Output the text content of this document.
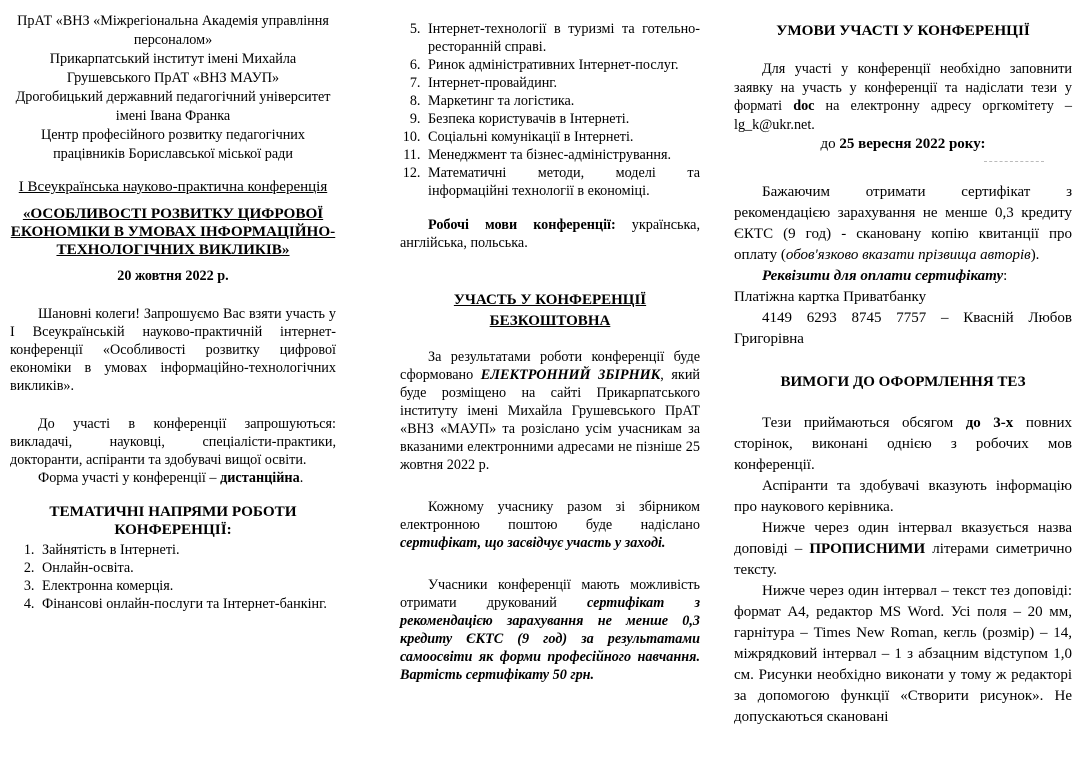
ПрАТ «ВНЗ «Міжрегіональна Академія управління персоналом»
Прикарпатський інститут імені Михайла Грушевського ПрАТ «ВНЗ МАУП»
Дрогобицький державний педагогічний університет імені Івана Франка
Центр професійного розвитку педагогічних працівників Бориславської міської ради
І Всеукраїнська науково-практична конференція
«ОСОБЛИВОСТІ РОЗВИТКУ ЦИФРОВОЇ ЕКОНОМІКИ В УМОВАХ ІНФОРМАЦІЙНО-ТЕХНОЛОГІЧНИХ ВИКЛИКІВ»
20 жовтня 2022 р.
Шановні колеги! Запрошуємо Вас взяти участь у І Всеукраїнській науково-практичній інтернет-конференції «Особливості розвитку цифрової економіки в умовах інформаційно-технологічних викликів».
До участі в конференції запрошуються: викладачі, науковці, спеціалісти-практики, докторанти, аспіранти та здобувачі вищої освіти.
Форма участі у конференції – дистанційна.
ТЕМАТИЧНІ НАПРЯМИ РОБОТИ КОНФЕРЕНЦІЇ:
1. Зайнятість в Інтернеті.
2. Онлайн-освіта.
3. Електронна комерція.
4. Фінансові онлайн-послуги та Інтернет-банкінг.
5. Інтернет-технології в туризмі та готельно-ресторанній справі.
6. Ринок адміністративних Інтернет-послуг.
7. Інтернет-провайдинг.
8. Маркетинг та логістика.
9. Безпека користувачів в Інтернеті.
10. Соціальні комунікації в Інтернеті.
11. Менеджмент та бізнес-адміністрування.
12. Математичні методи, моделі та інформаційні технології в економіці.
Робочі мови конференції: українська, англійська, польська.
УЧАСТЬ У КОНФЕРЕНЦІЇ БЕЗКОШТОВНА
За результатами роботи конференції буде сформовано ЕЛЕКТРОННИЙ ЗБІРНИК, який буде розміщено на сайті Прикарпатського інституту імені Михайла Грушевського ПрАТ «ВНЗ «МАУП» та розіслано усім учасникам за вказаними електронними адресами не пізніше 25 жовтня 2022 р.
Кожному учаснику разом зі збірником електронною поштою буде надіслано сертифікат, що засвідчує участь у заході.
Учасники конференції мають можливість отримати друкований сертифікат з рекомендацією зарахування не менше 0,3 кредиту ЄКТС (9 год) за результатами самоосвіти як форми професійного навчання. Вартість сертифікату 50 грн.
УМОВИ УЧАСТІ У КОНФЕРЕНЦІЇ
Для участі у конференції необхідно заповнити заявку на участь у конференції та надіслати тези у форматі doc на електронну адресу оргкомітету – lg_k@ukr.net.
до 25 вересня 2022 року:
Бажаючим отримати сертифікат з рекомендацією зарахування не менше 0,3 кредиту ЄКТС (9 год) - скановану копію квитанції про оплату (обов'язково вказати прізвища авторів).
Реквізити для оплати сертифікату:
Платіжна картка Приватбанку
4149 6293 8745 7757 – Кваснiй Любов Григорівна
ВИМОГИ ДО ОФОРМЛЕННЯ ТЕЗ
Тези приймаються обсягом до 3-х повних сторінок, виконані однією з робочих мов конференції.
Аспіранти та здобувачі вказують інформацію про наукового керівника.
Нижче через один інтервал вказується назва доповіді – ПРОПИСНИМИ літерами симетрично тексту.
Нижче через один інтервал – текст тез доповіді: формат А4, редактор MS Word. Усі поля – 20 мм, гарнітура – Times New Roman, кегль (розмір) – 14, міжрядковий інтервал – 1 з абзацним відступом 1,0 см. Рисунки необхідно виконати у тому ж редакторі за допомогою функції «Створити рисунок». Не допускаються скановані
